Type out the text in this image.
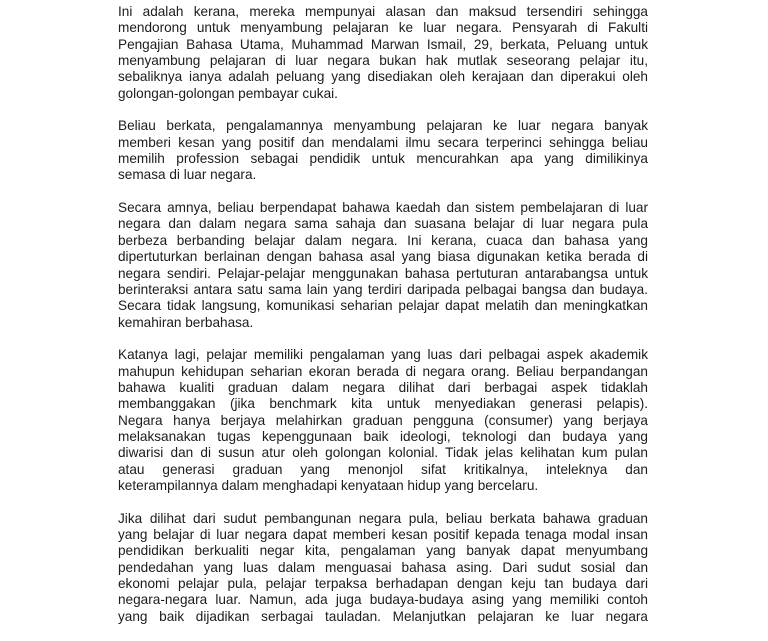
Ini adalah kerana, mereka mempunyai alasan dan maksud tersendiri sehingga
mendorong untuk menyambung pelajaran ke luar negara. Pensyarah di Fakulti
Pengajian Bahasa Utama, Muhammad Marwan Ismail, 29, berkata, Peluang untuk
menyambung pelajaran di luar negara bukan hak mutlak seseorang pelajar itu,
sebaliknya ianya adalah peluang yang disediakan oleh kerajaan dan diperakui oleh
golongan-golongan pembayar cukai.
Beliau berkata, pengalamannya menyambung pelajaran ke luar negara banyak
memberi kesan yang positif dan mendalami ilmu secara terperinci sehingga beliau
memilih profession sebagai pendidik untuk mencurahkan apa yang dimilikinya
semasa di luar negara.
Secara amnya, beliau berpendapat bahawa kaedah dan sistem pembelajaran di luar
negara dan dalam negara sama sahaja dan suasana belajar di luar negara pula
berbeza berbanding belajar dalam negara. Ini kerana, cuaca dan bahasa yang
dipertuturkan berlainan dengan bahasa asal yang biasa digunakan ketika berada di
negara sendiri. Pelajar-pelajar menggunakan bahasa pertuturan antarabangsa untuk
berinteraksi antara satu sama lain yang terdiri daripada pelbagai bangsa dan budaya.
Secara tidak langsung, komunikasi seharian pelajar dapat melatih dan meningkatkan
kemahiran berbahasa.
Katanya lagi, pelajar memiliki pengalaman yang luas dari pelbagai aspek akademik
mahupun kehidupan seharian ekoran berada di negara orang. Beliau berpandangan
bahawa kualiti graduan dalam negara dilihat dari berbagai aspek tidaklah
membanggakan (jika benchmark kita untuk menyediakan generasi pelapis).
Negara hanya berjaya melahirkan graduan pengguna (consumer) yang berjaya
melaksanakan tugas kepenggunaan baik ideologi, teknologi dan budaya yang
diwarisi dan di susun atur oleh golongan kolonial. Tidak jelas kelihatan kum pulan
atau generasi graduan yang menonjol sifat kritikalnya, inteleknya dan
keterampilannya dalam menghadapi kenyataan hidup yang bercelaru.
Jika dilihat dari sudut pembangunan negara pula, beliau berkata bahawa graduan
yang belajar di luar negara dapat memberi kesan positif kepada tenaga modal insan
pendidikan berkualiti negar kita, pengalaman yang banyak dapat menyumbang
pendedahan yang luas dalam menguasai bahasa asing. Dari sudut sosial dan
ekonomi pelajar pula, pelajar terpaksa berhadapan dengan keju tan budaya dari
negara-negara luar. Namun, ada juga budaya-budaya asing yang memiliki contoh
yang baik dijadikan serbagai tauladan. Melanjutkan pelajaran ke luar negara
